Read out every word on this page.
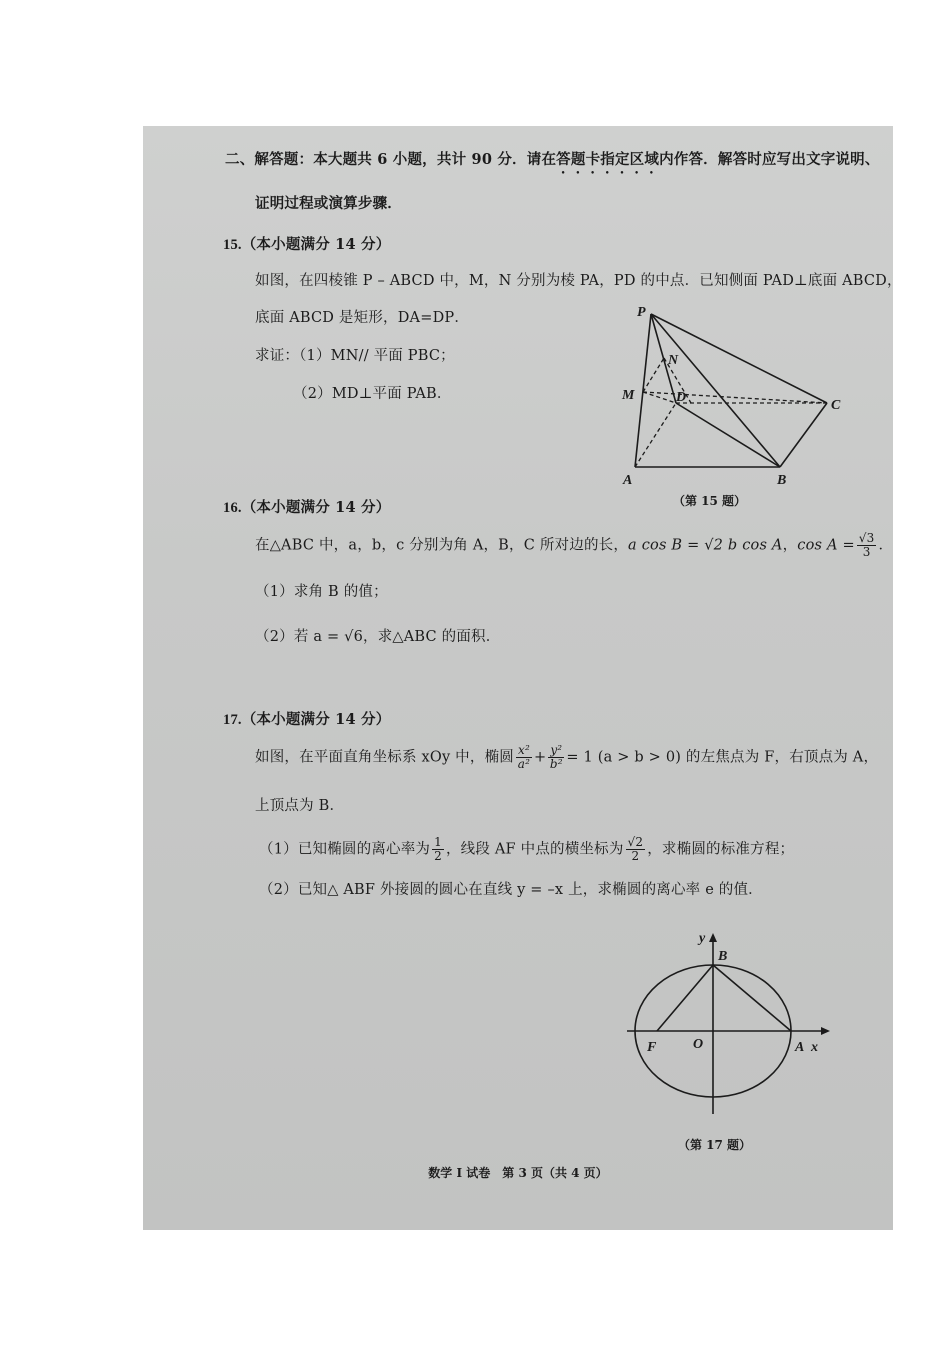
二、解答题：本大题共 6 小题，共计 90 分．请在答题卡指定区域内作答．解答时应写出文字说明、
证明过程或演算步骤．
15.（本小题满分 14 分）
如图，在四棱锥 P – ABCD 中，M，N 分别为棱 PA，PD 的中点．已知侧面 PAD⊥底面 ABCD，
底面 ABCD 是矩形，DA=DP．
求证：（1）MN// 平面 PBC；
（2）MD⊥平面 PAB．
P
N
M	D
C
A	B
（第 15 题）
16.（本小题满分 14 分）
在△ABC 中，a，b，c 分别为角 A，B，C 所对边的长，a cos B = √2 b cos A，$\cos A = \frac{√3}{3}$ ．
（1）求角 B 的值；
（2）若 a = √6，求△ABC 的面积．
17.（本小题满分 14 分）
如图，在平面直角坐标系 xOy 中，椭圆 $\frac{\text{x²}}{\text{a²}} + \frac{\text{y²}}{\text{b²}} = 1$ (a > b > 0) 的左焦点为 F，右顶点为 A，
上顶点为 B．
（1）已知椭圆的离心率为 $\frac{1}{2}$ ，线段 AF 中点的横坐标为 $\frac{√2}{2}$ ，求椭圆的标准方程；
（2）已知△ ABF 外接圆的圆心在直线 y = –x 上，求椭圆的离心率 e 的值．
y
B
F	O	A x
（第 17 题）
数学 I 试卷　第 3 页（共 4 页）
